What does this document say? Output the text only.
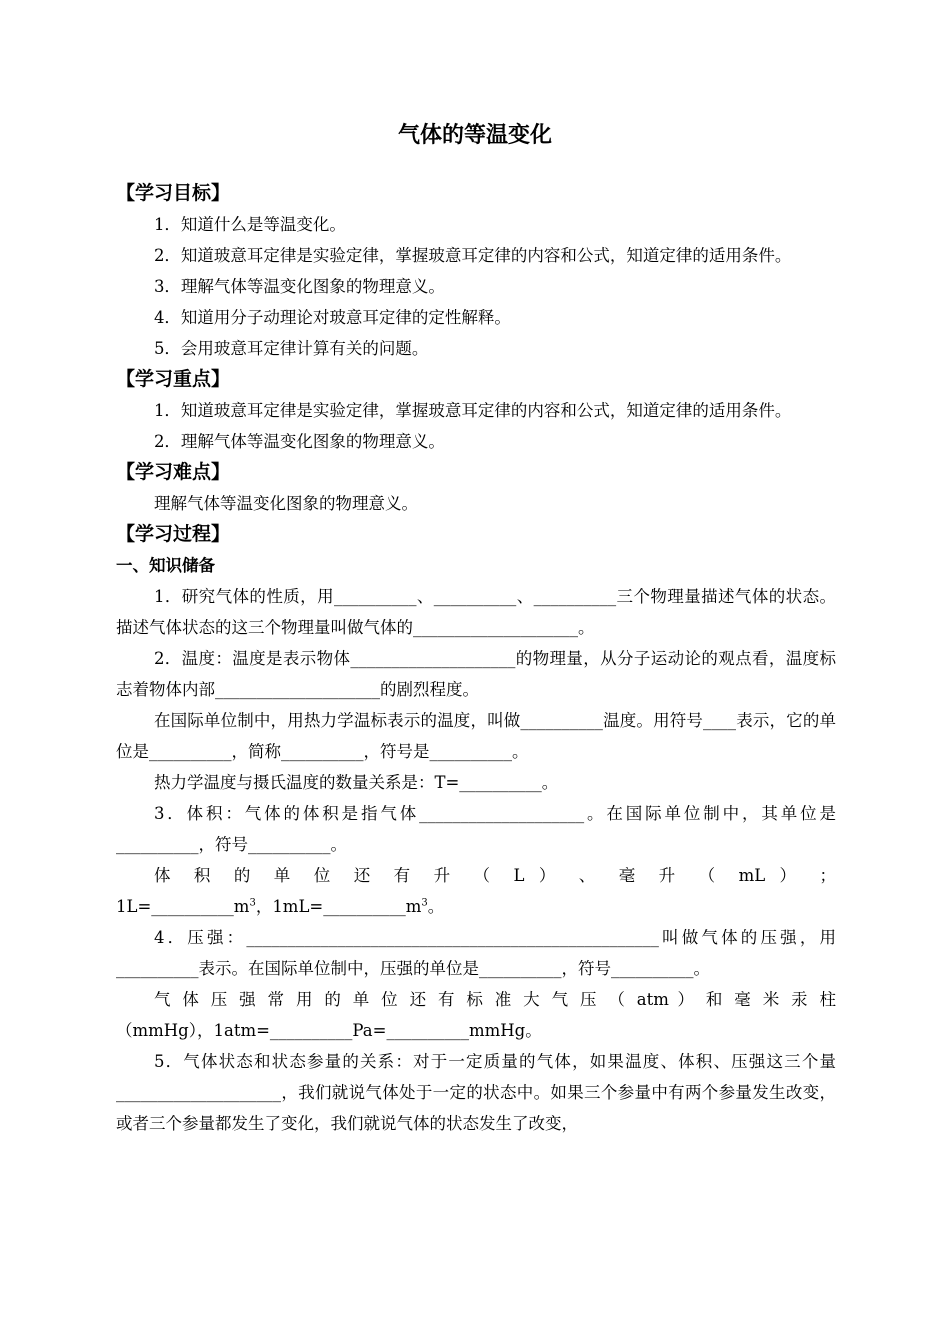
气体的等温变化
【学习目标】
1．知道什么是等温变化。
2．知道玻意耳定律是实验定律，掌握玻意耳定律的内容和公式，知道定律的适用条件。
3．理解气体等温变化图象的物理意义。
4．知道用分子动理论对玻意耳定律的定性解释。
5．会用玻意耳定律计算有关的问题。
【学习重点】
1．知道玻意耳定律是实验定律，掌握玻意耳定律的内容和公式，知道定律的适用条件。
2．理解气体等温变化图象的物理意义。
【学习难点】
理解气体等温变化图象的物理意义。
【学习过程】
一、知识储备
1．研究气体的性质，用__________、__________、__________三个物理量描述气体的状态。描述气体状态的这三个物理量叫做气体的____________________。
2．温度：温度是表示物体____________________的物理量，从分子运动论的观点看，温度标志着物体内部____________________的剧烈程度。
在国际单位制中，用热力学温标表示的温度，叫做__________温度。用符号____表示，它的单位是__________，简称__________，符号是__________。
热力学温度与摄氏温度的数量关系是：T=__________。
3．体积：气体的体积是指气体____________________。在国际单位制中，其单位是__________，符号__________。
体 积 的 单 位 还 有 升 （ L ） 、 毫 升 （ mL ） ；
$1L=\_\_\_\_\_\_\_\_\_\_m^3$，$1mL=\_\_\_\_\_\_\_\_\_\_m^3$。
4．压强：__________________________________________________叫做气体的压强，用__________表示。在国际单位制中，压强的单位是__________，符号__________。
气 体 压 强 常 用 的 单 位 还 有 标 准 大 气 压 （ atm ） 和 毫 米 汞 柱
（mmHg），1atm=__________Pa=__________mmHg。
5．气体状态和状态参量的关系：对于一定质量的气体，如果温度、体积、压强这三个量____________________，我们就说气体处于一定的状态中。如果三个参量中有两个参量发生改变，或者三个参量都发生了变化，我们就说气体的状态发生了改变，
